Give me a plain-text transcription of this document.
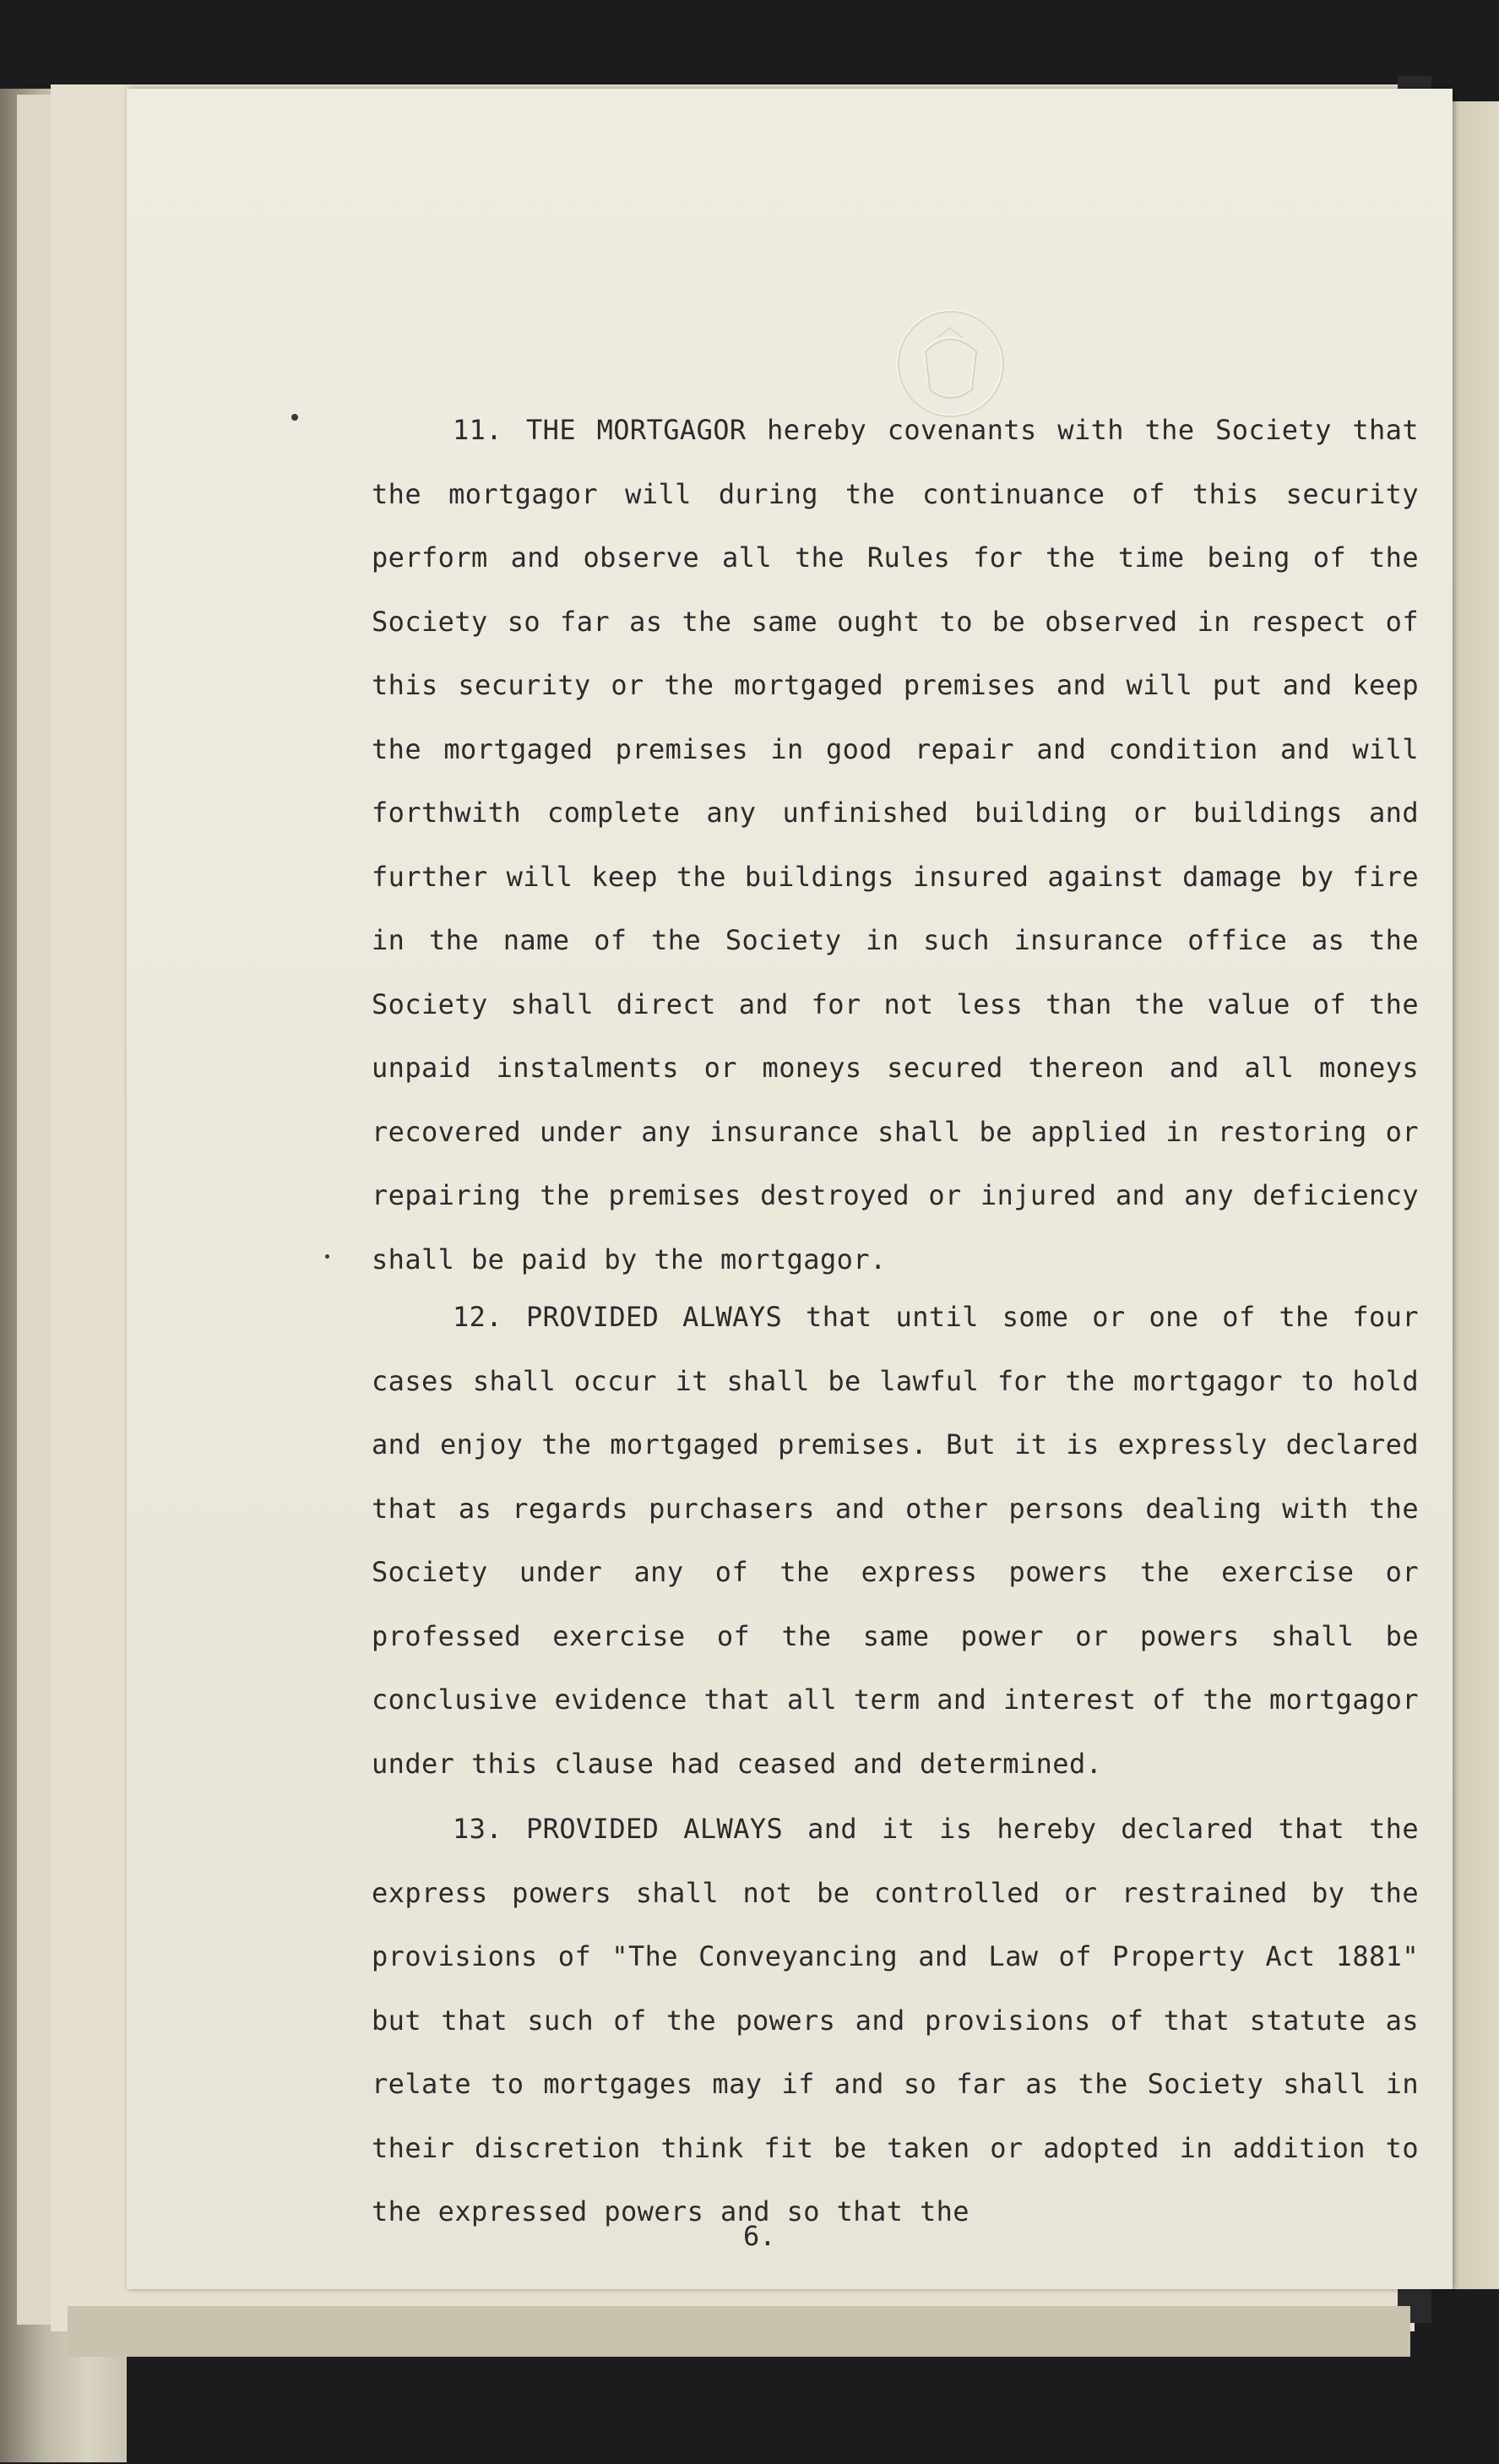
11. THE MORTGAGOR hereby covenants with the Society that the mortgagor will during the continuance of this security perform and observe all the Rules for the time being of the Society so far as the same ought to be observed in respect of this security or the mortgaged premises and will put and keep the mortgaged premises in good repair and condition and will forthwith complete any unfinished building or buildings and further will keep the buildings insured against damage by fire in the name of the Society in such insurance office as the Society shall direct and for not less than the value of the unpaid instalments or moneys secured thereon and all moneys recovered under any insurance shall be applied in restoring or repairing the premises destroyed or injured and any deficiency shall be paid by the mortgagor.

12. PROVIDED ALWAYS that until some or one of the four cases shall occur it shall be lawful for the mortgagor to hold and enjoy the mortgaged premises. But it is expressly declared that as regards purchasers and other persons dealing with the Society under any of the express powers the exercise or professed exercise of the same power or powers shall be conclusive evidence that all term and interest of the mortgagor under this clause had ceased and determined.

13. PROVIDED ALWAYS and it is hereby declared that the express powers shall not be controlled or restrained by the provisions of "The Conveyancing and Law of Property Act 1881" but that such of the powers and provisions of that statute as relate to mortgages may if and so far as the Society shall in their discretion think fit be taken or adopted in addition to the expressed powers and so that the

6.
